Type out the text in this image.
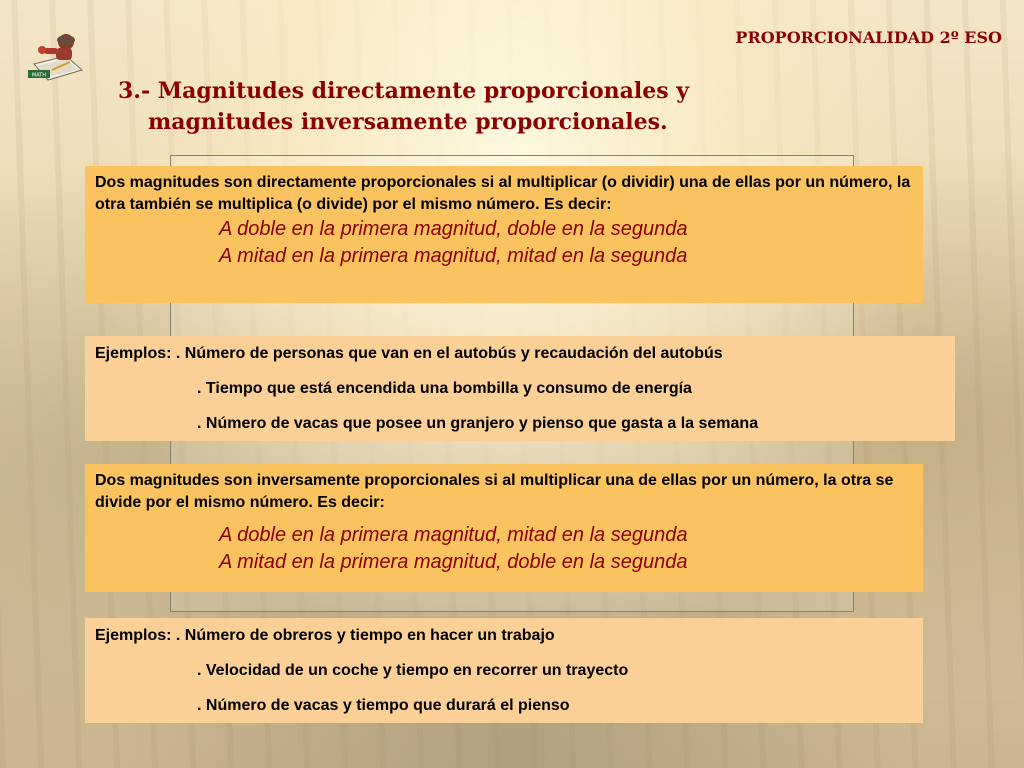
PROPORCIONALIDAD 2º ESO
MATH
3.- Magnitudes directamente proporcionales y
magnitudes inversamente proporcionales.
Dos magnitudes son directamente proporcionales si al multiplicar (o dividir) una de ellas por un número, la otra también se multiplica (o divide) por el mismo número. Es decir:
A doble en la primera magnitud, doble en la segunda
A mitad en la primera magnitud, mitad en la segunda
Ejemplos: . Número de personas que van en el autobús y recaudación del autobús
. Tiempo que está encendida una bombilla y consumo de energía
. Número de vacas que posee un granjero y pienso que gasta a la semana
Dos magnitudes son inversamente proporcionales si al multiplicar una de ellas por un número, la otra se divide por el mismo número. Es decir:
A doble en la primera magnitud, mitad en la segunda
A mitad en la primera magnitud, doble en la segunda
Ejemplos: . Número de obreros y tiempo en hacer un trabajo
. Velocidad de un coche y tiempo en recorrer un trayecto
. Número de vacas y tiempo que durará el pienso
